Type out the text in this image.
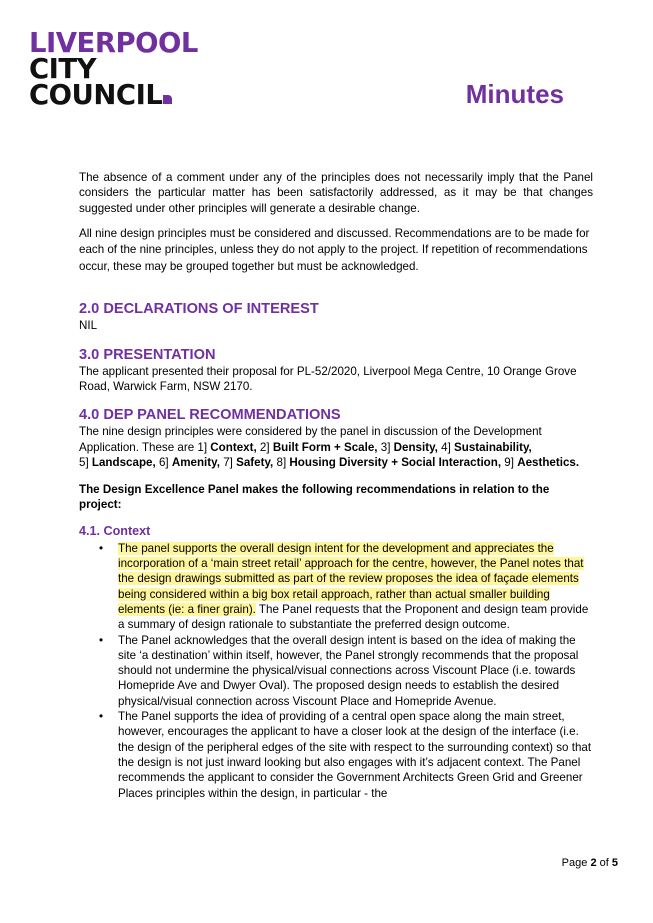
LIVERPOOL
CITY
COUNCIL	Minutes

The absence of a comment under any of the principles does not necessarily imply that the Panel considers the particular matter has been satisfactorily addressed, as it may be that changes suggested under other principles will generate a desirable change.

All nine design principles must be considered and discussed. Recommendations are to be made for each of the nine principles, unless they do not apply to the project. If repetition of recommendations occur, these may be grouped together but must be acknowledged.

2.0 DECLARATIONS OF INTEREST

NIL

3.0 PRESENTATION

The applicant presented their proposal for PL-52/2020, Liverpool Mega Centre, 10 Orange Grove Road, Warwick Farm, NSW 2170.

4.0 DEP PANEL RECOMMENDATIONS

The nine design principles were considered by the panel in discussion of the Development Application. These are 1] Context, 2] Built Form + Scale, 3] Density, 4] Sustainability,
5] Landscape, 6] Amenity, 7] Safety, 8] Housing Diversity + Social Interaction, 9] Aesthetics.

The Design Excellence Panel makes the following recommendations in relation to the project:

4.1. Context
• The panel supports the overall design intent for the development and appreciates the incorporation of a ‘main street retail’ approach for the centre, however, the Panel notes that the design drawings submitted as part of the review proposes the idea of façade elements being considered within a big box retail approach, rather than actual smaller building elements (ie: a finer grain). The Panel requests that the Proponent and design team provide a summary of design rationale to substantiate the preferred design outcome.
• The Panel acknowledges that the overall design intent is based on the idea of making the site ‘a destination’ within itself, however, the Panel strongly recommends that the proposal should not undermine the physical/visual connections across Viscount Place (i.e. towards Homepride Ave and Dwyer Oval). The proposed design needs to establish the desired physical/visual connection across Viscount Place and Homepride Avenue.
• The Panel supports the idea of providing of a central open space along the main street, however, encourages the applicant to have a closer look at the design of the interface (i.e. the design of the peripheral edges of the site with respect to the surrounding context) so that the design is not just inward looking but also engages with it’s adjacent context. The Panel recommends the applicant to consider the Government Architects Green Grid and Greener Places principles within the design, in particular - the
Page 2 of 5
